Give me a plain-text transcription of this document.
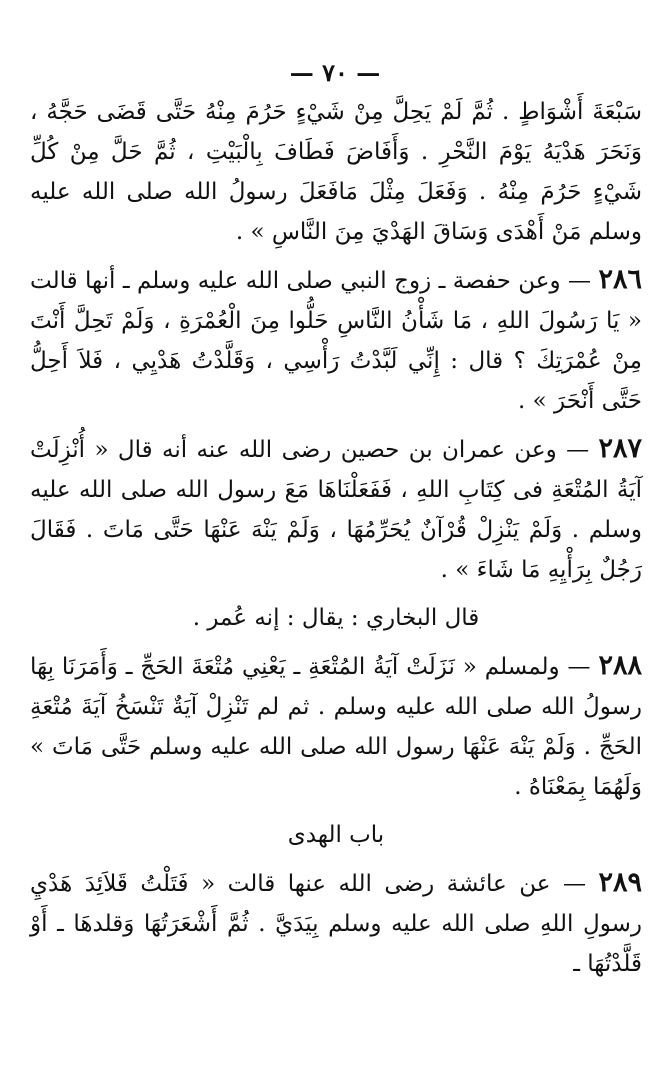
— ٧٠ —

سَبْعَةَ أَشْوَاطٍ . ثُمَّ لَمْ يَحِلَّ مِنْ شَيْءٍ حَرُمَ مِنْهُ حَتَّى قَضَى حَجَّهُ ، وَنَحَرَ هَدْيَهُ يَوْمَ النَّحْرِ . وَأَفَاضَ فَطَافَ بِالْبَيْتِ ، ثُمَّ حَلَّ مِنْ كُلِّ شَيْءٍ حَرُمَ مِنْهُ . وَفَعَلَ مِثْلَ مَافَعَلَ رسولُ الله صلى الله عليه وسلم مَنْ أَهْدَى وَسَاقَ الهَدْيَ مِنَ النَّاسِ » .

٢٨٦ — وعن حفصة ـ زوج النبي صلى الله عليه وسلم ـ أنها قالت « يَا رَسُولَ اللهِ ، مَا شَأْنُ النَّاسِ حَلُّوا مِنَ الْعُمْرَةِ ، وَلَمْ تَحِلَّ أَنْتَ مِنْ عُمْرَتِكَ ؟ قال : إِنِّي لَبَّدْتُ رَأْسِي ، وَقَلَّدْتُ هَدْيِي ، فَلاَ أَحِلُّ حَتَّى أَنْحَرَ » .

٢٨٧ — وعن عمران بن حصين رضى الله عنه أنه قال « أُنْزِلَتْ آيَةُ المُتْعَةِ فى كِتَابِ اللهِ ، فَفَعَلْنَاهَا مَعَ رسول الله صلى الله عليه وسلم . وَلَمْ يَنْزِلْ قُرْآنٌ يُحَرِّمُهَا ، وَلَمْ يَنْهَ عَنْهَا حَتَّى مَاتَ . فَقَالَ رَجُلٌ بِرَأْيِهِ مَا شَاءَ » .

قال البخاري : يقال : إنه عُمر .

٢٨٨ — ولمسلم « نَزَلَتْ آيَةُ المُتْعَةِ ـ يَعْنِي مُتْعَةَ الحَجِّ ـ وَأَمَرَنَا بِهَا رسولُ الله صلى الله عليه وسلم . ثم لم تَنْزِلْ آيَةٌ تَنْسَخُ آيَةَ مُتْعَةِ الحَجِّ . وَلَمْ يَنْهَ عَنْهَا رسول الله صلى الله عليه وسلم حَتَّى مَاتَ » وَلَهُمَا بِمَعْنَاهُ .

باب الهدى

٢٨٩ — عن عائشة رضى الله عنها قالت « فَتَلْتُ قَلاَئِدَ هَدْيِ رسولِ اللهِ صلى الله عليه وسلم بِيَدَيَّ . ثُمَّ أَشْعَرَتُهَا وَقلدهَا ـ أَوْ قَلَّدْتُهَا ـ
